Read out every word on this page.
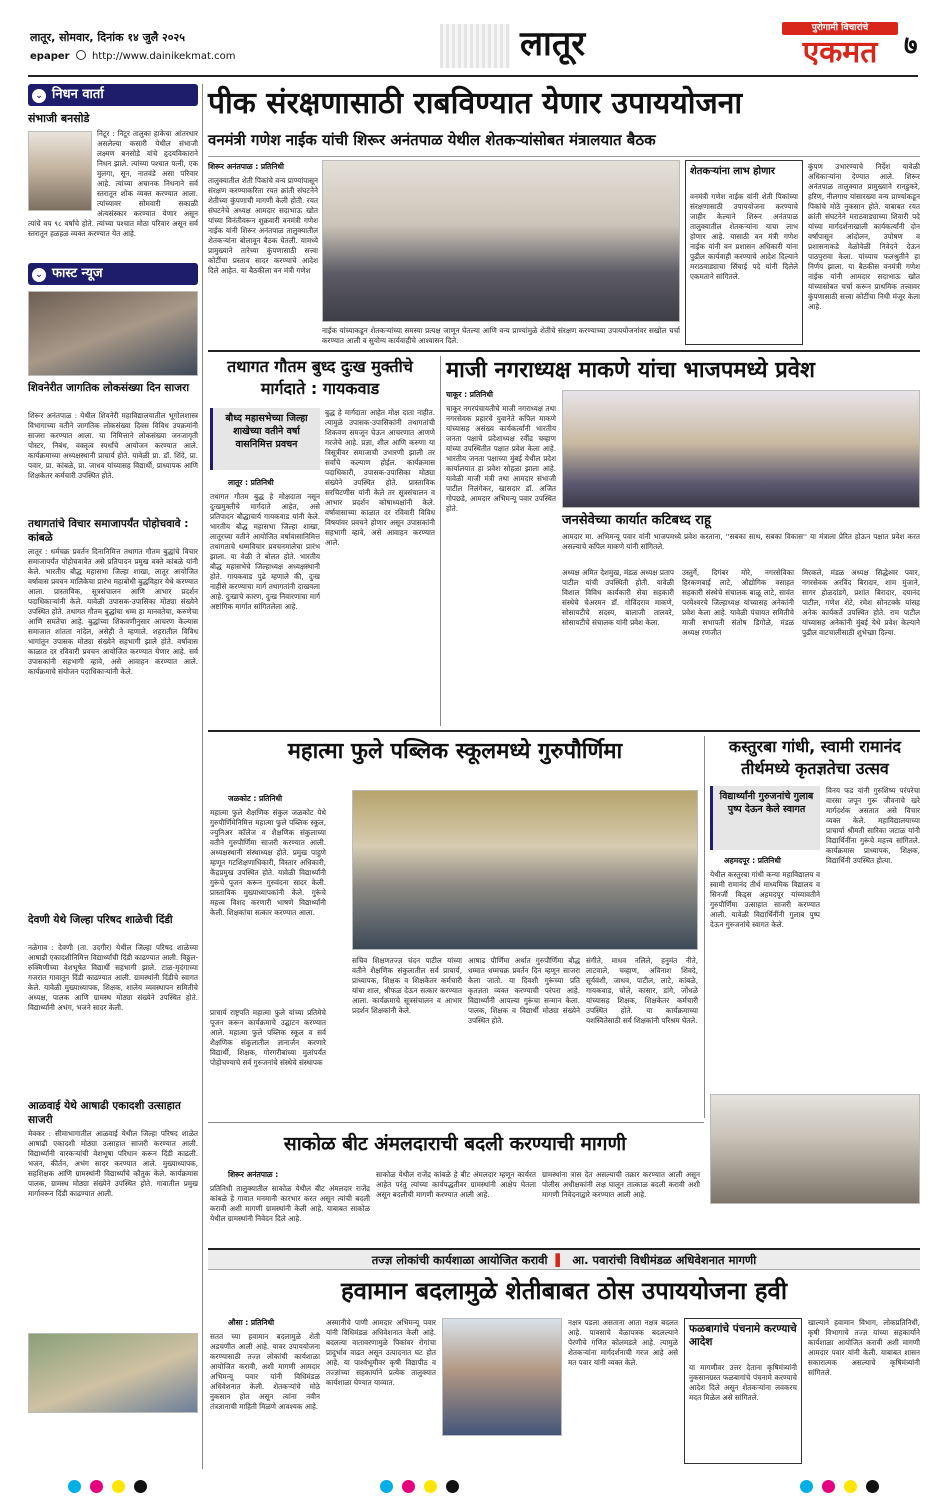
लातूर, सोमवार, दिनांक १४ जुलै २०२५
epaper http://www.dainikekmat.com	लातूर	पुरोगामी विचारांचे
एकमत	७
⌄ निधन वार्ता
संभाजी बनसोडे
निटूर : निटूर तालुका हाकेचा आंतरधार असलेल्या कसारी येथील संभाजी लक्ष्मण बनसोडे यांचे हृदयविकाराने निधन झाले. त्यांच्या पश्चात पत्नी, एक मुलगा, सून, नातवंडे असा परिवार आहे. त्यांच्या अचानक निधनाने सर्व स्तरातून शोक व्यक्त करण्यात आला. त्यांच्यावर सोमवारी सकाळी अंत्यसंस्कार करण्यात येणार असून त्यांचे वय ९८ वर्षांचे होते. त्यांच्या पश्चात मोठा परिवार असून सर्व स्तरातून हळहळ व्यक्त करण्यात येत आहे.
⌄ फास्ट न्यूज
शिवनेरीत जागतिक लोकसंख्या दिन साजरा
शिरूर अनंतपाळ : येथील शिवनेरी महाविद्यालयातील भूगोलशास्त्र विभागाच्या वतीने जागतिक लोकसंख्या दिवस विविध उपक्रमांनी साजरा करण्यात आला. या निमित्ताने लोकसंख्या जनजागृती पोस्टर, निबंध, वक्तृत्व स्पर्धांचे आयोजन करण्यात आले. कार्यक्रमाच्या अध्यक्षस्थानी प्राचार्य होते. यावेळी प्रा. डॉ. शिंदे, प्रा. पवार, प्रा. कांबळे, प्रा. जाधव यांच्यासह विद्यार्थी, प्राध्यापक आणि शिक्षकेतर कर्मचारी उपस्थित होते.
तथागतांचे विचार समाजापर्यंत पोहोचवावे : कांबळे
लातूर : धर्मचक्र प्रवर्तन दिनानिमित्त तथागत गौतम बुद्धांचे विचार समाजापर्यंत पोहोचवावेत असे प्रतिपादन प्रमुख वक्ते कांबळे यांनी केले. भारतीय बौद्ध महासभा जिल्हा शाखा, लातूर आयोजित वर्षावास प्रवचन मालिकेचा प्रारंभ महाबोधी बुद्धविहार येथे करण्यात आला. प्रास्ताविक, सूत्रसंचालन आणि आभार प्रदर्शन पदाधिकाऱ्यांनी केले. यावेळी उपासक-उपासिका मोठ्या संख्येने उपस्थित होते. तथागत गौतम बुद्धांचा धम्म हा मानवतेचा, करुणेचा आणि समतेचा आहे. बुद्धांच्या शिकवणीनुसार आचरण केल्यास समाजात शांतता नांदेल, असेही ते म्हणाले. शहरातील विविध भागांतून उपासक मोठ्या संख्येने सहभागी झाले होते. वर्षावास काळात दर रविवारी प्रवचन आयोजित करण्यात येणार आहे. सर्व उपासकांनी सहभागी व्हावे, असे आवाहन करण्यात आले. कार्यक्रमाचे संयोजन पदाधिकाऱ्यांनी केले.
देवणी येथे जिल्हा परिषद शाळेची दिंडी
नळेगाव : देवणी (ता. उदगीर) येथील जिल्हा परिषद शाळेच्या आषाढी एकादशीनिमित्त विद्यार्थ्यांची दिंडी काढण्यात आली. विठ्ठल-रुक्मिणीच्या वेशभूषेत विद्यार्थी सहभागी झाले. टाळ-मृदंगाच्या गजरात गावातून दिंडी काढण्यात आली. ग्रामस्थांनी दिंडीचे स्वागत केले. यावेळी मुख्याध्यापक, शिक्षक, शालेय व्यवस्थापन समितीचे अध्यक्ष, पालक आणि ग्रामस्थ मोठ्या संख्येने उपस्थित होते. विद्यार्थ्यांनी अभंग, भजने सादर केली.
आळवाई येथे आषाढी एकादशी उत्साहात साजरी
मेवकर : सीमाभागातील आळवाई येथील जिल्हा परिषद शाळेत आषाढी एकादशी मोठ्या उत्साहात साजरी करण्यात आली. विद्यार्थ्यांनी वारकऱ्यांची वेशभूषा परिधान करून दिंडी काढली. भजन, कीर्तन, अभंग सादर करण्यात आले. मुख्याध्यापक, सहशिक्षक आणि ग्रामस्थांनी विद्यार्थ्यांचे कौतुक केले. कार्यक्रमास पालक, ग्रामस्थ मोठ्या संख्येने उपस्थित होते. गावातील प्रमुख मार्गावरून दिंडी काढण्यात आली.
पीक संरक्षणासाठी राबविण्यात येणार उपाययोजना
वनमंत्री गणेश नाईक यांची शिरूर अनंतपाळ येथील शेतकऱ्यांसोबत मंत्रालयात बैठक
शिरूर अनंतपाळ : प्रतिनिधी
तालुक्यातील शेती पिकांचे वन्य प्राण्यांपासून संरक्षण करण्याकरिता रयत क्रांती संघटनेने शेतीच्या कुंपणाची मागणी केली होती. रयत संघटनेचे अध्यक्ष आमदार सदाभाऊ खोत यांच्या विनंतीवरून शुक्रवारी वनमंत्री गणेश नाईक यांनी शिरूर अनंतपाळ तालुक्यातील शेतकऱ्यांना बोलावून बैठक घेतली. यामध्ये प्रामुख्याने तारेच्या कुंपणासाठी सत्त्वा कोटींचा प्रस्ताव सादर करण्याचे आदेश दिले आहेत. या बैठकीला वन मंत्री गणेश
नाईक यांच्याकडून शेतकऱ्यांच्या समस्या प्रत्यक्ष जाणून घेतल्या आणि वन्य प्राण्यांमुळे शेतीचे संरक्षण करण्याच्या उपाययोजनांवर सखोल चर्चा करण्यात आली व सुयोग्य कार्यवाहीचे आश्वासन दिले.
शेतकऱ्यांना लाभ होणार
वनमंत्री गणेश नाईक यांनी शेती पिकांच्या संरक्षणासाठी उपाययोजना करण्याचे जाहीर केल्याने शिरूर अनंतपाळ तालुक्यातील शेतकऱ्यांना याचा लाभ होणार आहे. यासाठी वन मंत्री गणेश नाईक यांनी वन प्रशासन अधिकारी यांना पुढील कार्यवाही करण्याचे आदेश दिल्याने मराठवाड्याचा सिंचाई पदे यांनी दिलेले एकमताने सांगितले.
कुंपण उभारण्याचे निर्देश यावेळी अधिकाऱ्यांना देण्यात आले. शिरूर अनंतपाळ तालुक्यात प्रामुख्याने रानडुकरे, हरिण, नीलगाय यांसारख्या वन्य प्राण्यांकडून पिकांचे मोठे नुकसान होते. याबाबत रयत क्रांती संघटनेने मराठवाड्याच्या शिवारी पदे यांच्या मार्गदर्शनाखाली कार्यकर्त्यांनी दोन वर्षांपासून आंदोलन, उपोषण व प्रशासनाकडे वेळोवेळी निवेदने देऊन पाठपुरावा केला. यांच्याच फलश्रुतीने हा निर्णय झाला. या बैठकीस वनमंत्री गणेश नाईक यांनी आमदार सदाभाऊ खोत यांच्यासोबत चर्चा करून प्राथमिक तत्त्वावर कुंपणासाठी सत्त्वा कोटींचा निधी मंजूर केला आहे.
तथागत गौतम बुध्द दुःख मुक्तीचे मार्गदाते : गायकवाड
बौध्द महासभेच्या जिल्हा शाखेच्या वतीने वर्षा वासनिमित्त प्रवचन
लातूर : प्रतिनिधी
तथागत गौतम बुद्ध हे मोक्षदाता नसून दुःखमुक्तीचे मार्गदाते आहेत, असे प्रतिपादन बौद्धाचार्य गायकवाड यांनी केले. भारतीय बौद्ध महासभा जिल्हा शाखा, लातूरच्या वतीने आयोजित वर्षावासानिमित्त तथागताचे धम्मविचार प्रवचनमालेचा प्रारंभ झाला. या वेळी ते बोलत होते. भारतीय बौद्ध महासभेचे जिल्हाध्यक्ष अध्यक्षस्थानी होते. गायकवाड पुढे म्हणाले की, दुःख नाहीसे करण्याचा मार्ग तथागतांनी दाखवला आहे. दुःखाचे कारण, दुःख निवारणाचा मार्ग अष्टांगिक मार्गात सांगितलेला आहे.
बुद्ध हे मार्गदाता आहेत मोक्ष दाता नाहीत. त्यामुळे उपासक-उपासिकांनी तथागतांची शिकवण समजून घेऊन आचरणात आणणे गरजेचे आहे. प्रज्ञा, शील आणि करुणा या त्रिसूत्रीवर समाजाची उभारणी झाली तर सर्वांचे कल्याण होईल. कार्यक्रमास पदाधिकारी, उपासक-उपासिका मोठ्या संख्येने उपस्थित होते. प्रास्ताविक सरचिटणीस यांनी केले तर सूत्रसंचालन व आभार प्रदर्शन कोषाध्यक्षांनी केले. वर्षावासाच्या काळात दर रविवारी विविध विषयांवर प्रवचने होणार असून उपासकांनी सहभागी व्हावे, असे आवाहन करण्यात आले.
माजी नगराध्यक्ष माकणे यांचा भाजपमध्ये प्रवेश
चाकूर : प्रतिनिधी
चाकूर नगरपंचायतीचे माजी नगराध्यक्ष तथा नगरसेवक प्रहारचे युवानेते कपिल माकणे यांच्यासह असंख्य कार्यकर्त्यांनी भारतीय जनता पक्षाचे प्रदेशाध्यक्ष रवींद्र चव्हाण यांच्या उपस्थितीत पक्षात प्रवेश केला आहे. भारतीय जनता पक्षाच्या मुंबई येथील प्रदेश कार्यालयात हा प्रवेश सोहळा झाला आहे. यावेळी माजी मंत्री तथा आमदार संभाजी पाटील निलंगेकर, खासदार डॉ. अजित गोपछडे, आमदार अभिमन्यू पवार उपस्थित होते.
जनसेवेच्या कार्यात कटिबध्द राहू
आमदार मा. अभिमन्यू पवार यांनी भाजपमध्ये प्रवेश करताना, ''सबका साथ, सबका विकास'' या मंत्राला प्रेरित होऊन पक्षात प्रवेश करत असल्याचे कपिल माकणे यांनी सांगितले.
अध्यक्ष अमित देशमुख, मंडळ अध्यक्ष प्रताप पाटील यांची उपस्थिती होती. यावेळी विशाल विविध कार्यकारी सेवा सहकारी संस्थेचे चेअरमन डॉ. गोविंदराव माकणे, सोसायटीचे सदस्य, बालाजी तालवरे, सोसायटीचे संचालक यांनी प्रवेश केला.
उस्तुर्गे, दिगंबर मोरे, नगरसेविका हिरकणबाई लाटे, औद्योगिक वसाहत सहकारी संस्थेचे संचालक बाळू लाटे, सावंत परमेश्वरचे जिल्हाध्यक्ष यांच्यासह अनेकांनी प्रवेश केला आहे. यावेळी पंचायत समितीचे माजी सभापती संतोष डिगोळे, मंडळ अध्यक्ष रणजीत
मिरकले, मंडळ अध्यक्ष सिद्धेश्वर पवार, नगरसेवक अरविंद बिरादार, शाम मुंजाने, सागर होळदांडगे, प्रशांत बिरादार, दयानंद पाटील, गणेश शेटे, रमेश सोनटक्के यांसह अनेक कार्यकर्ते उपस्थित होते. राम पाटील यांच्यासह अनेकांनी मुंबई येथे प्रवेश केल्याने पुढील वाटचालीसाठी शुभेच्छा दिल्या.
महात्मा फुले पब्लिक स्कूलमध्ये गुरुपौर्णिमा
जळकोट : प्रतिनिधी
महात्मा फुले शैक्षणिक संकुल जळकोट येथे गुरुपौर्णिमेनिमित्त महात्मा फुले पब्लिक स्कूल, ज्युनिअर कॉलेज व शैक्षणिक संकुलाच्या वतीने गुरुपौर्णिमा साजरी करण्यात आली. अध्यक्षस्थानी संस्थाध्यक्ष होते. प्रमुख पाहुणे म्हणून गटशिक्षणाधिकारी, विस्तार अधिकारी, केंद्रप्रमुख उपस्थित होते. यावेळी विद्यार्थ्यांनी गुरूंचे पूजन करून गुरुवंदना सादर केली. प्रास्ताविक मुख्याध्यापकांनी केले. गुरूंचे महत्त्व विशद करणारी भाषणे विद्यार्थ्यांनी केली. शिक्षकांचा सत्कार करण्यात आला.
प्राचार्य राष्ट्रपति महात्मा फुले यांच्या प्रतिमेचे पूजन करून कार्यक्रमाचे उद्घाटन करण्यात आले. महात्मा फुले पब्लिक स्कूल व सर्व शैक्षणिक संकुलातील ज्ञानार्जन करणारे विद्यार्थी, शिक्षक, गोरगरीबांच्या मुलांपर्यंत पोहोचण्याचे सर्व गुरुजनांचे संस्थेचे संस्थापक
सचिव शिक्षणतज्ज्ञ चंदन पाटील यांच्या वतीने शैक्षणिक संकुलातील सर्व प्राचार्य, प्राध्यापक, शिक्षक व शिक्षकेतर कर्मचारी यांचा शाल, श्रीफळ देऊन सत्कार करण्यात आला. कार्यक्रमाचे सूत्रसंचालन व आभार प्रदर्शन शिक्षकांनी केले.
आषाढ पौर्णिमा अर्थात गुरुपौर्णिमा बौद्ध धम्मात धम्मचक्र प्रवर्तन दिन म्हणून साजरा केला जातो. या दिवशी गुरूंच्या प्रति कृतज्ञता व्यक्त करण्याची परंपरा आहे. विद्यार्थ्यांनी आपल्या गुरूंचा सन्मान केला. पालक, शिक्षक व विद्यार्थी मोठ्या संख्येने उपस्थित होते.
संगीते, माधव नलिले, हनुमंत नीते, लाटवाले, चव्हाण, अविनाश शिवदे, सूर्यवंशी, जाधव, पाटील, लाटे, कांबळे, गायकवाड, चोले, कासार, डांगे, जोंधळे यांच्यासह शिक्षक, शिक्षकेतर कर्मचारी उपस्थित होते. या कार्यक्रमाच्या यशस्वितेसाठी सर्व शिक्षकांनी परिश्रम घेतले.
कस्तुरबा गांधी, स्वामी रामानंद तीर्थमध्ये कृतज्ञतेचा उत्सव
विद्यार्थ्यांनी गुरुजनांचे गुलाब पुष्प देऊन केले स्वागत
अहमदपूर : प्रतिनिधी
येथील कस्तुरबा गांधी कन्या महाविद्यालय व स्वामी रामानंद तीर्थ माध्यमिक विद्यालय व सिनर्जी किड्स अहमदपूर यांच्यावतीने गुरुपौर्णिमा उत्साहात साजरी करण्यात आली. यावेळी विद्यार्थिनींनी गुलाब पुष्प देऊन गुरुजनांचे स्वागत केले.
विनय फड यांनी गुरुशिष्य परंपरेचा वारसा जपून गुरू जीवनाचे खरे मार्गदर्शक असतात असे विचार व्यक्त केले. महाविद्यालयाच्या प्राचार्या श्रीमती सारिका जटाळ यांनी विद्यार्थिनींना गुरूंचे महत्त्व सांगितले. कार्यक्रमास प्राध्यापक, शिक्षक, विद्यार्थिनी उपस्थित होत्या.
साकोळ बीट अंमलदाराची बदली करण्याची मागणी
शिरूर अनंतपाळ :
प्रतिनिधी तालुक्यातील साकोळ येथील बीट अंमलदार राजेंद्र कांबळे हे गावात मनमानी कारभार करत असून त्यांची बदली करावी अशी मागणी ग्रामस्थांनी केली आहे. याबाबत साकोळ येथील ग्रामस्थांनी निवेदन दिले आहे.
साकोळ येथील राजेंद्र कांबळे हे बीट अंमलदार म्हणून कार्यरत आहेत परंतु त्यांच्या कार्यपद्धतीवर ग्रामस्थांनी आक्षेप घेतला असून बदलीची मागणी करण्यात आली आहे.
ग्रामस्थांना त्रास देत असल्याची तक्रार करण्यात आली असून पोलीस अधीक्षकांनी लक्ष घालून तात्काळ बदली करावी अशी मागणी निवेदनाद्वारे करण्यात आली आहे.
तज्ज्ञ लोकांची कार्यशाळा आयोजित करावी ▌ आ. पवारांची विधीमंडळ अधिवेशनात मागणी
हवामान बदलामुळे शेतीबाबत ठोस उपाययोजना हवी
औसा : प्रतिनिधी
सतत च्या हवामान बदलामुळे शेती अडचणीत आली आहे. यावर उपाययोजना करण्यासाठी तज्ज्ञ लोकांची कार्यशाळा आयोजित करावी, अशी मागणी आमदार अभिमन्यू पवार यांनी विधिमंडळ अधिवेशनात केली. शेतकऱ्यांचे मोठे नुकसान होत असून त्यांना नवीन तंत्रज्ञानाची माहिती मिळणे आवश्यक आहे.
अस्मानीचे पाणी आमदार अभिमन्यू पवार यांनी विधिमंडळ अधिवेशनात केली आहे. बदलत्या वातावरणामुळे पिकांवर रोगांचा प्रादुर्भाव वाढत असून उत्पादनात घट होत आहे. या पार्श्वभूमीवर कृषी विद्यापीठ व तज्ज्ञांच्या सहकार्याने प्रत्येक तालुक्यात कार्यशाळा घेण्यात याव्यात.
नक्षत्र पडला असताना आता नक्षत्र बदलत आहे. पावसाचे वेळापत्रक बदलल्याने पेरणीचे गणित कोलमडले आहे. त्यामुळे शेतकऱ्यांना मार्गदर्शनाची गरज आहे असे मत पवार यांनी व्यक्त केले.
फळबागांचे पंचनामे करण्याचे आदेश
या मागणीवर उत्तर देताना कृषिमंत्र्यांनी नुकसानग्रस्त फळबागांचे पंचनामे करण्याचे आदेश दिले असून शेतकऱ्यांना लवकरच मदत मिळेल असे सांगितले.
खाल्याने हवामान विभाग, लोकप्रतिनिधी, कृषी विभागाचे तज्ज्ञ यांच्या सहकार्याने कार्यशाळा आयोजित करावी अशी मागणी आमदार पवार यांनी केली. याबाबत शासन सकारात्मक असल्याचे कृषिमंत्र्यांनी सांगितले.
